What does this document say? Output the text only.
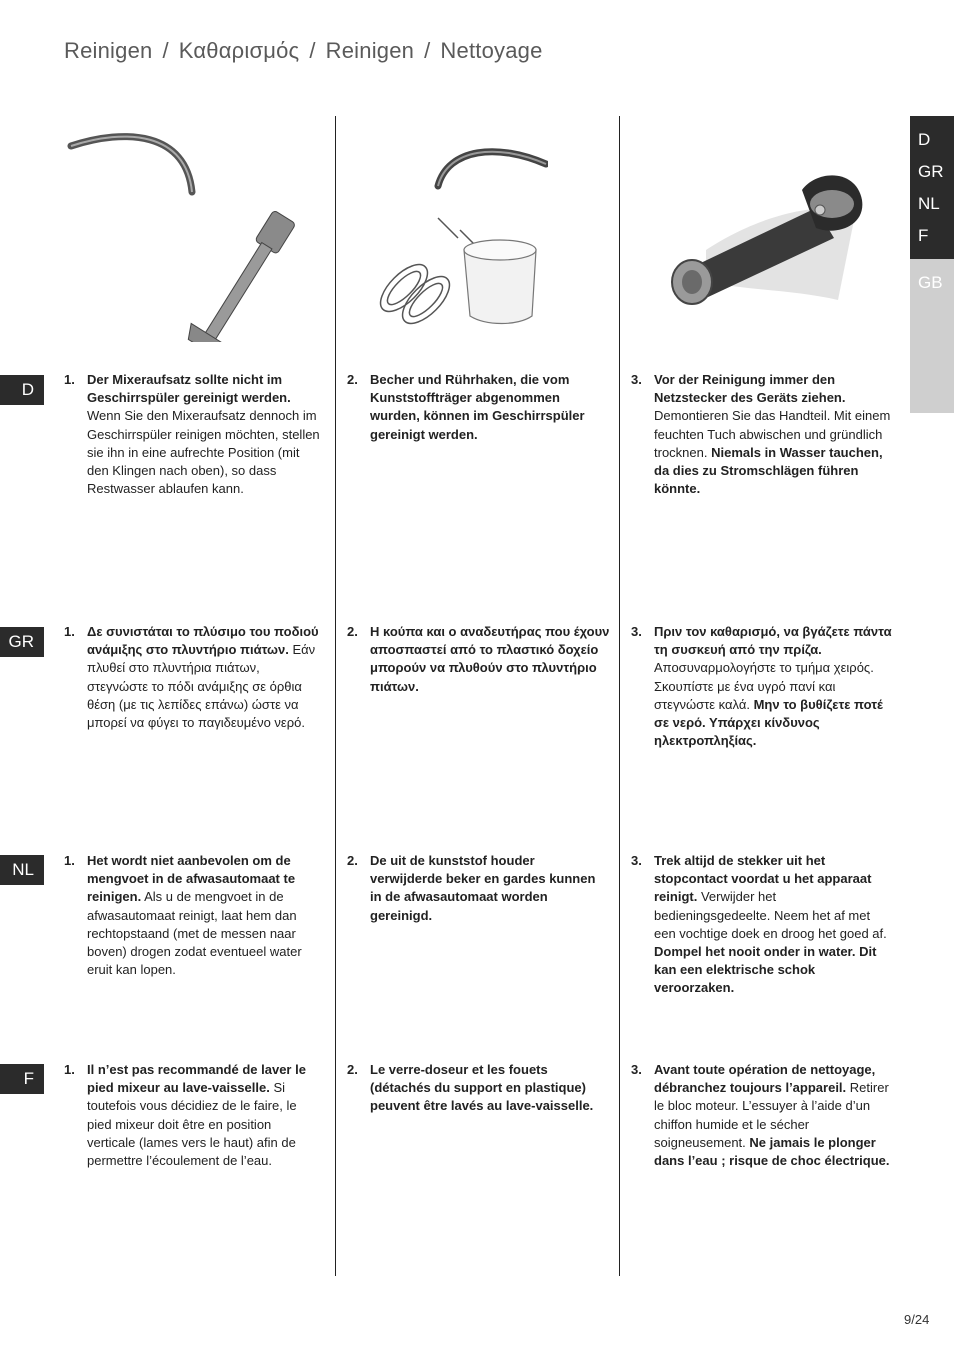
Reinigen / Καθαρισμός / Reinigen / Nettoyage
D
GR
NL
F
GB
D
GR
NL
F
1. Der Mixeraufsatz sollte nicht im Geschirrspüler gereinigt werden. Wenn Sie den Mixeraufsatz dennoch im Geschirrspüler reinigen möchten, stellen sie ihn in eine aufrechte Position (mit den Klingen nach oben), so dass Restwasser ablaufen kann.
2. Becher und Rührhaken, die vom Kunststoffträger abgenommen wurden, können im Geschirrspüler gereinigt werden.
3. Vor der Reinigung immer den Netzstecker des Geräts ziehen. Demontieren Sie das Handteil. Mit einem feuchten Tuch abwischen und gründlich trocknen. Niemals in Wasser tauchen, da dies zu Stromschlägen führen könnte.
1. Δε συνιστάται το πλύσιμο του ποδιού ανάμιξης στο πλυντήριο πιάτων. Εάν πλυθεί στο πλυντήρια πιάτων, στεγνώστε το πόδι ανάμιξης σε όρθια θέση (με τις λεπίδες επάνω) ώστε να μπορεί να φύγει το παγιδευμένο νερό.
2. Η κούπα και ο αναδευτήρας που έχουν αποσπαστεί από το πλαστικό δοχείο μπορούν να πλυθούν στο πλυντήριο πιάτων.
3. Πριν τον καθαρισμό, να βγάζετε πάντα τη συσκευή από την πρίζα. Αποσυναρμολογήστε το τμήμα χειρός. Σκουπίστε με ένα υγρό πανί και στεγνώστε καλά. Μην το βυθίζετε ποτέ σε νερό. Υπάρχει κίνδυνος ηλεκτροπληξίας.
1. Het wordt niet aanbevolen om de mengvoet in de afwasautomaat te reinigen. Als u de mengvoet in de afwasautomaat reinigt, laat hem dan rechtopstaand (met de messen naar boven) drogen zodat eventueel water eruit kan lopen.
2. De uit de kunststof houder verwijderde beker en gardes kunnen in de afwasautomaat worden gereinigd.
3. Trek altijd de stekker uit het stopcontact voordat u het apparaat reinigt. Verwijder het bedieningsgedeelte. Neem het af met een vochtige doek en droog het goed af. Dompel het nooit onder in water. Dit kan een elektrische schok veroorzaken.
1. Il n’est pas recommandé de laver le pied mixeur au lave-vaisselle. Si toutefois vous décidiez de le faire, le pied mixeur doit être en position verticale (lames vers le haut) afin de permettre l’écoulement de l’eau.
2. Le verre-doseur et les fouets (détachés du support en plastique) peuvent être lavés au lave-vaisselle.
3. Avant toute opération de nettoyage, débranchez toujours l’appareil. Retirer le bloc moteur. L’essuyer à l’aide d’un chiffon humide et le sécher soigneusement. Ne jamais le plonger dans l’eau ; risque de choc électrique.
9/24
